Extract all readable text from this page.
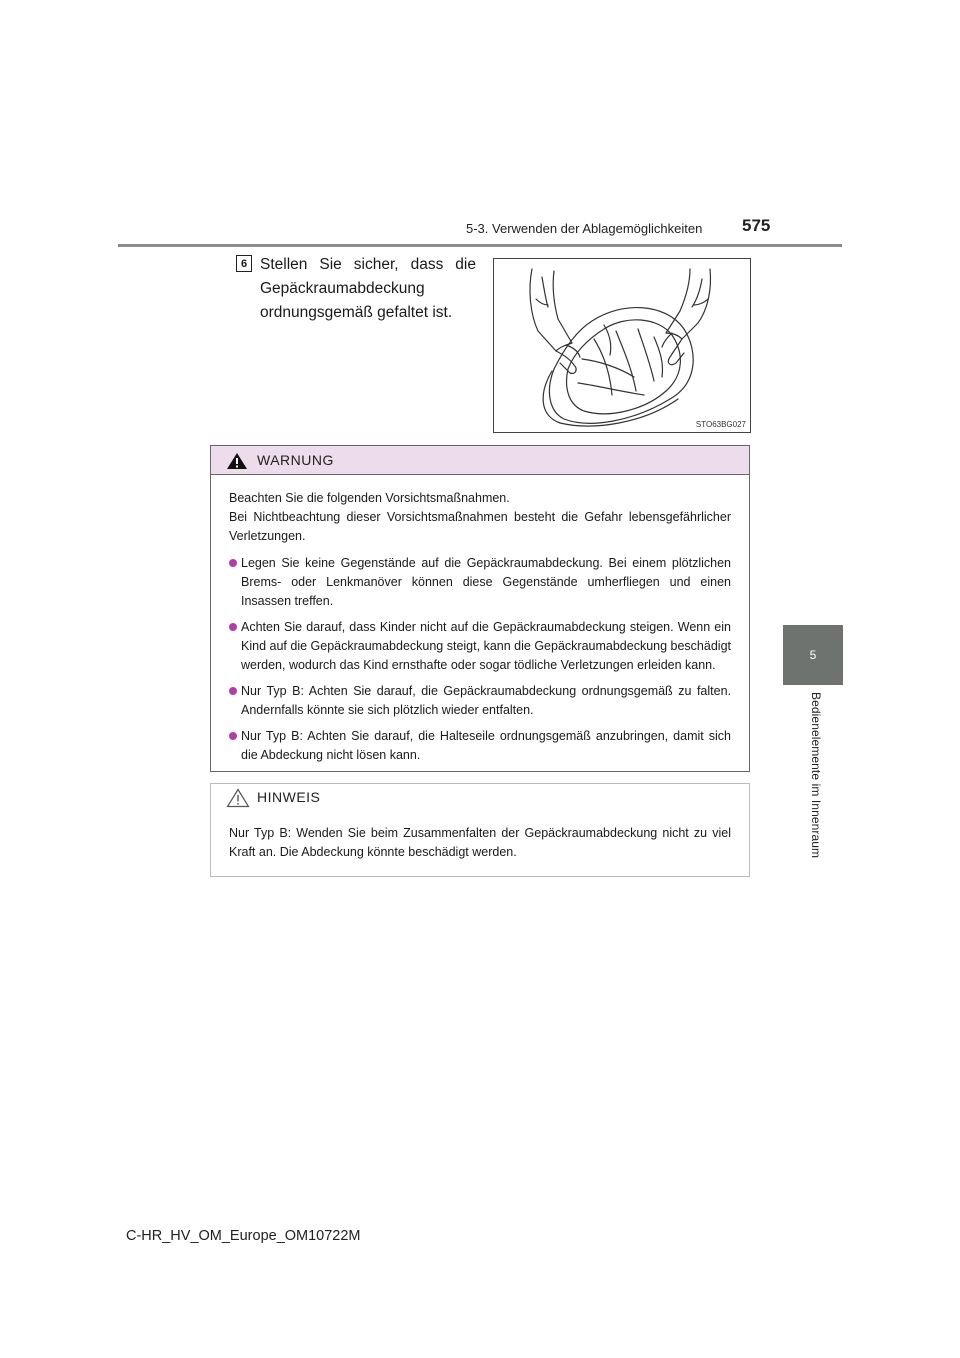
5-3. Verwenden der Ablagemöglichkeiten 575
5
Bedienelemente im Innenraum
6 Stellen Sie sicher, dass die Gepäckraumabdeckung ordnungsgemäß gefaltet ist.
STO63BG027
WARNUNG

Beachten Sie die folgenden Vorsichtsmaßnahmen.

Bei Nichtbeachtung dieser Vorsichtsmaßnahmen besteht die Gefahr lebensgefährlicher Verletzungen.

Legen Sie keine Gegenstände auf die Gepäckraumabdeckung. Bei einem plötzlichen Brems- oder Lenkmanöver können diese Gegenstände umherfliegen und einen Insassen treffen.
Achten Sie darauf, dass Kinder nicht auf die Gepäckraumabdeckung steigen. Wenn ein Kind auf die Gepäckraumabdeckung steigt, kann die Gepäckraumabdeckung beschädigt werden, wodurch das Kind ernsthafte oder sogar tödliche Verletzungen erleiden kann.
Nur Typ B: Achten Sie darauf, die Gepäckraumabdeckung ordnungsgemäß zu falten. Andernfalls könnte sie sich plötzlich wieder entfalten.
Nur Typ B: Achten Sie darauf, die Halteseile ordnungsgemäß anzubringen, damit sich die Abdeckung nicht lösen kann.
HINWEIS
Nur Typ B: Wenden Sie beim Zusammenfalten der Gepäckraumabdeckung nicht zu viel Kraft an. Die Abdeckung könnte beschädigt werden.
C-HR_HV_OM_Europe_OM10722M
